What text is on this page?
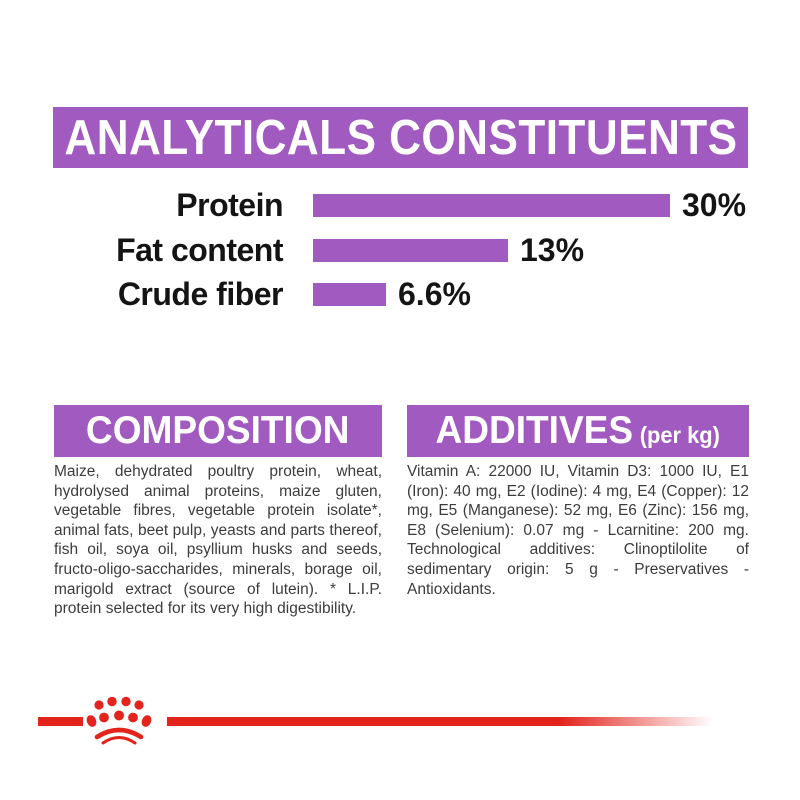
ANALYTICALS CONSTITUENTS
Protein	30%
Fat content	13%
Crude fiber	6.6%
COMPOSITION

Maize, dehydrated poultry protein, wheat, hydrolysed animal proteins, maize gluten, vegetable fibres, vegetable protein isolate*, animal fats, beet pulp, yeasts and parts thereof, fish oil, soya oil, psyllium husks and seeds, fructo-oligo-saccharides, minerals, borage oil, marigold extract (source of lutein). * L.I.P. protein selected for its very high digestibility.

ADDITIVES (per kg)

Vitamin A: 22000 IU, Vitamin D3: 1000 IU, E1 (Iron): 40 mg, E2 (Iodine): 4 mg, E4 (Copper): 12 mg, E5 (Manganese): 52 mg, E6 (Zinc): 156 mg, E8 (Selenium): 0.07 mg - Lcarnitine: 200 mg. Technological additives: Clinoptilolite of sedimentary origin: 5 g - Preservatives - Antioxidants.
